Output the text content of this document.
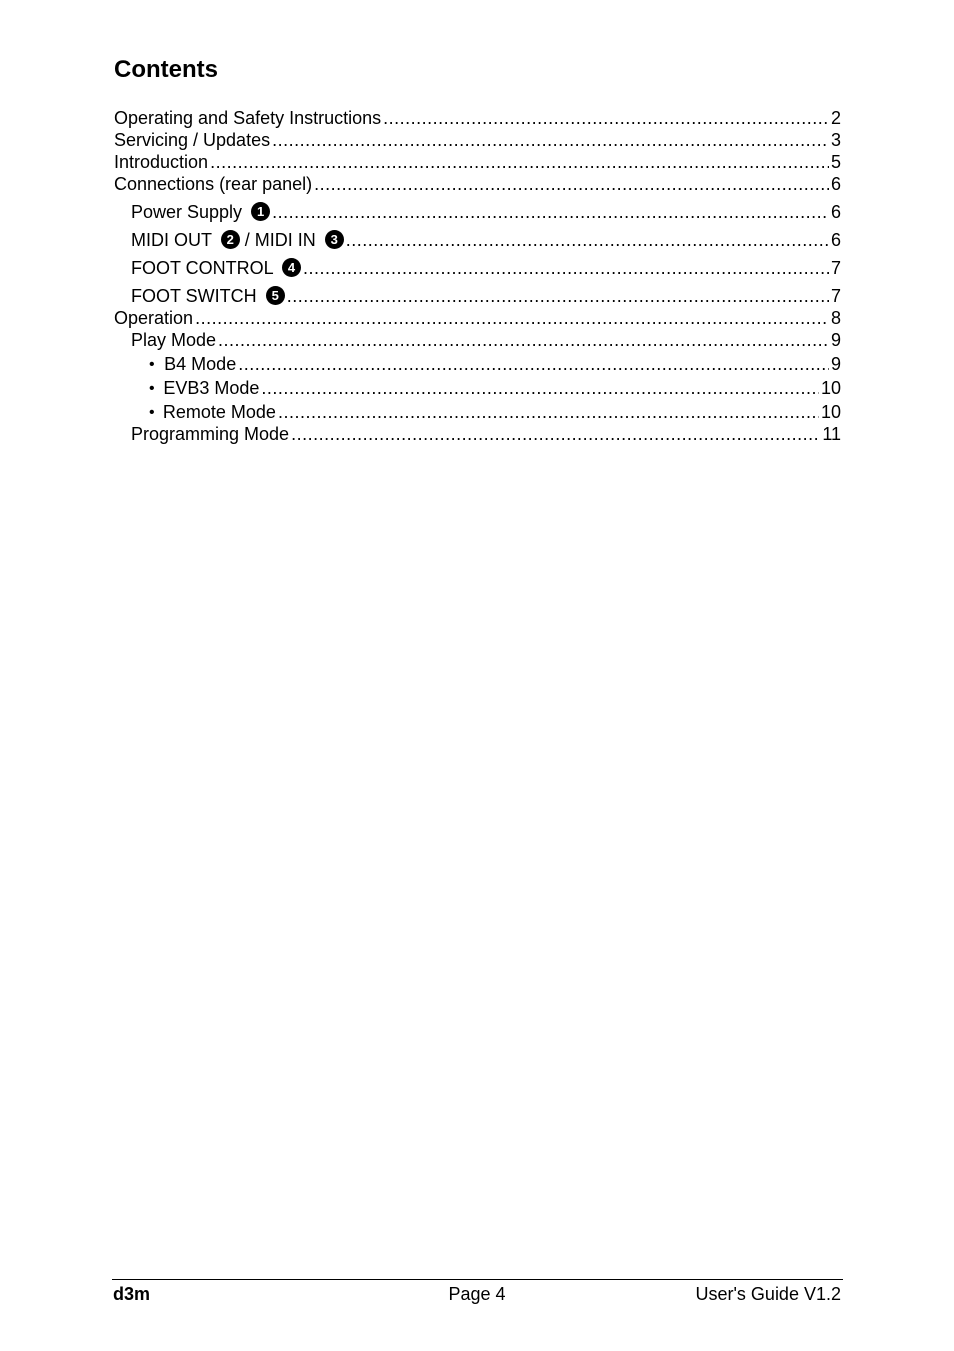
Contents
Operating and Safety Instructions .....	2
Servicing / Updates .....	3
Introduction .....	5
Connections (rear panel) .....	6
Power Supply 1 .....	6
MIDI OUT 2 / MIDI IN 3 .....	6
FOOT CONTROL 4 .....	7
FOOT SWITCH 5 .....	7
Operation .....	8
Play Mode .....	9
• B4 Mode .....	9
• EVB3 Mode .....	10
• Remote Mode .....	10
Programming Mode .....	11
d3m	Page 4	User's Guide V1.2
